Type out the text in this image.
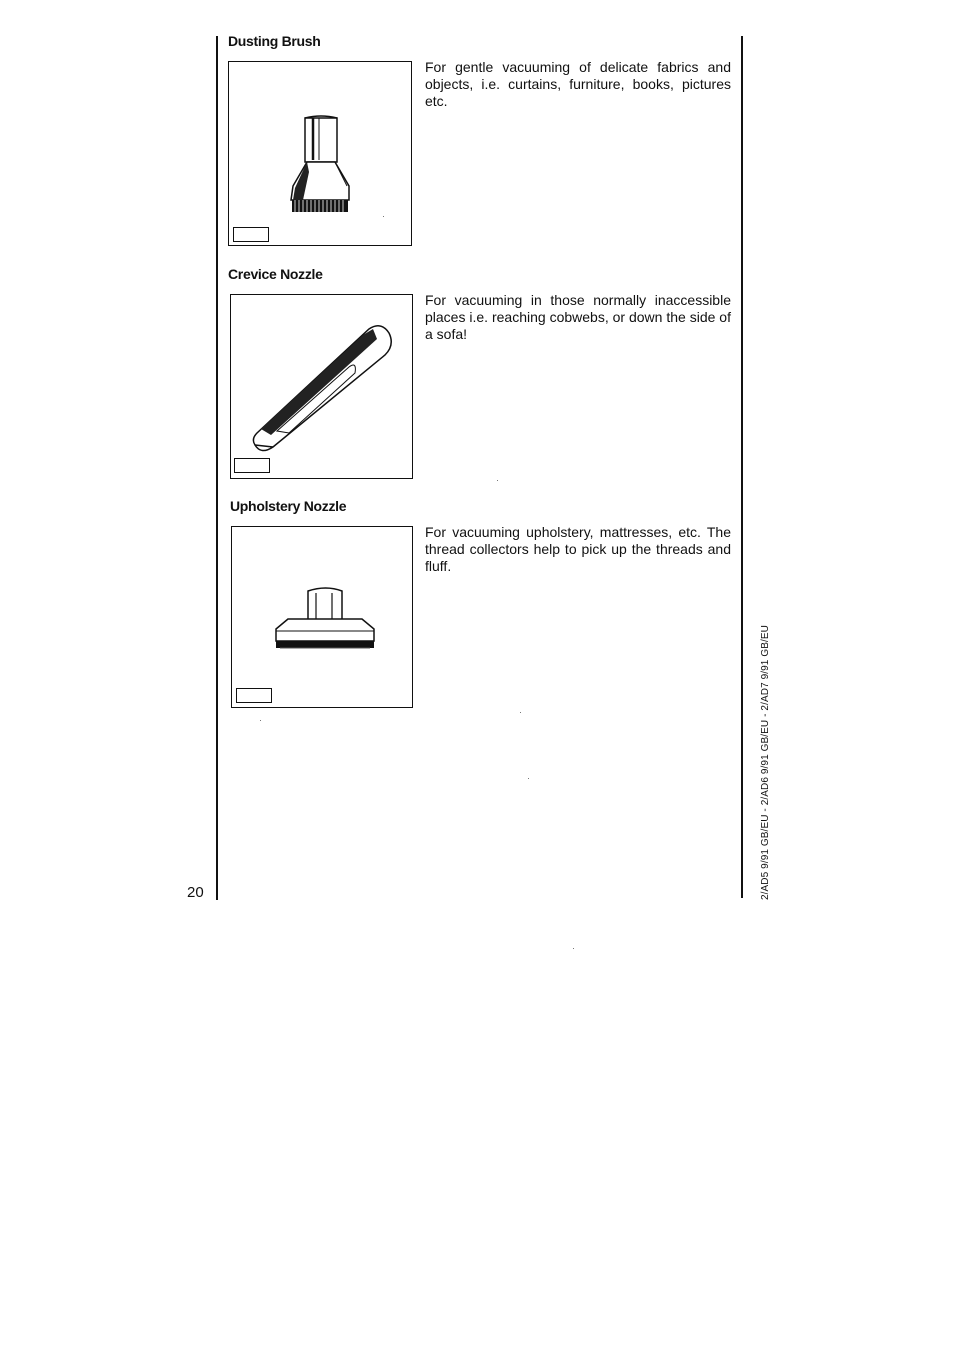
Dusting Brush

For gentle vacuuming of delicate fabrics and objects, i.e. curtains, furniture, books, pictures etc.

Crevice Nozzle

For vacuuming in those normally inaccessible places i.e. reaching cobwebs, or down the side of a sofa!

Upholstery Nozzle

For vacuuming upholstery, mattresses, etc. The thread collectors help to pick up the threads and fluff.

20	2/AD5 9/91 GB/EU - 2/AD6 9/91 GB/EU - 2/AD7 9/91 GB/EU
